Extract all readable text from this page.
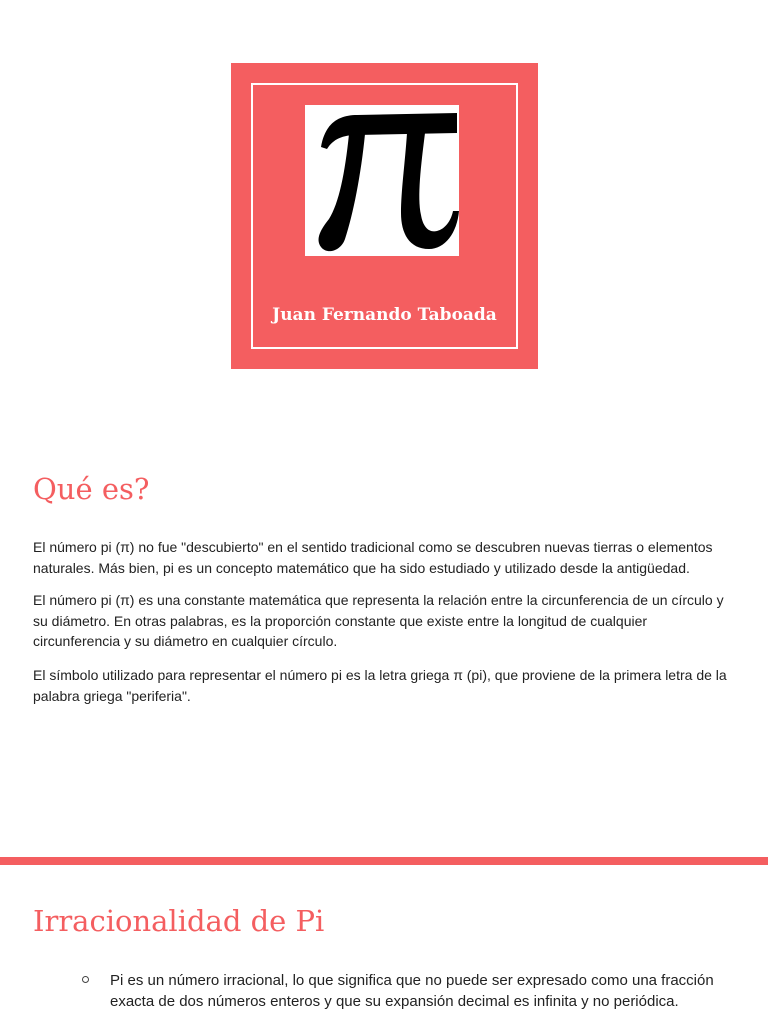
Juan Fernando Taboada
Qué es?

El número pi (π) no fue "descubierto" en el sentido tradicional como se descubren nuevas tierras o elementos naturales. Más bien, pi es un concepto matemático que ha sido estudiado y utilizado desde la antigüedad.

El número pi (π) es una constante matemática que representa la relación entre la circunferencia de un círculo y su diámetro. En otras palabras, es la proporción constante que existe entre la longitud de cualquier circunferencia y su diámetro en cualquier círculo.

El símbolo utilizado para representar el número pi es la letra griega π (pi), que proviene de la primera letra de la palabra griega "periferia".

Irracionalidad de Pi
Pi es un número irracional, lo que significa que no puede ser expresado como una fracción exacta de dos números enteros y que su expansión decimal es infinita y no periódica.
